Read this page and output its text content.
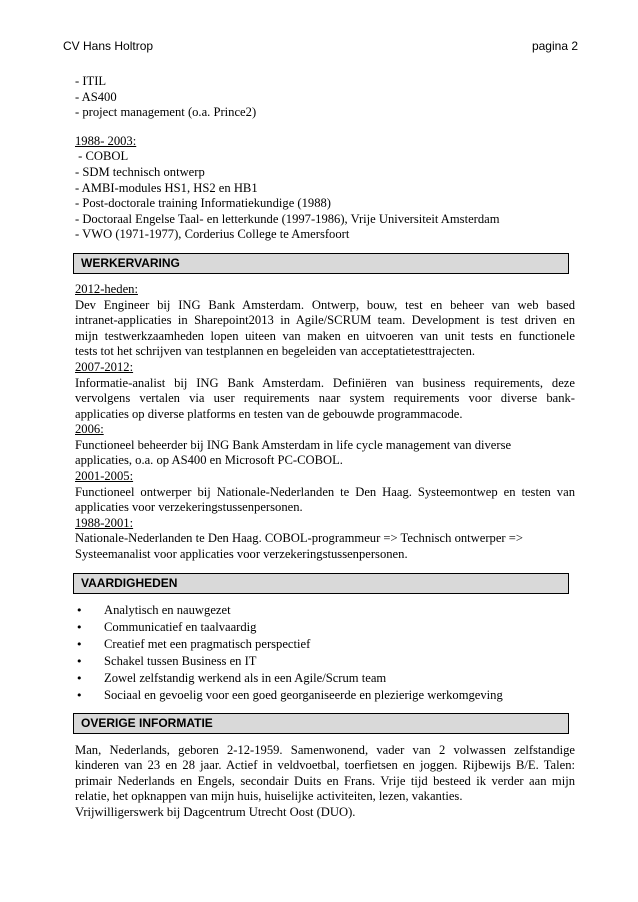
CV Hans Holtrop	pagina 2
- ITIL
- AS400
- project management (o.a. Prince2)
1988- 2003:
- COBOL
- SDM technisch ontwerp
- AMBI-modules HS1, HS2 en HB1
- Post-doctorale training Informatiekundige (1988)
- Doctoraal Engelse Taal- en letterkunde (1997-1986), Vrije Universiteit Amsterdam
- VWO (1971-1977), Corderius College te Amersfoort
WERKERVARING
2012-heden:
Dev Engineer bij ING Bank Amsterdam. Ontwerp, bouw, test en beheer van web based
intranet-applicaties in Sharepoint2013 in Agile/SCRUM team. Development is test driven en
mijn testwerkzaamheden lopen uiteen van maken en uitvoeren van unit tests en functionele
tests tot het schrijven van testplannen en begeleiden van acceptatietesttrajecten.
2007-2012:
Informatie-analist bij ING Bank Amsterdam. Definiëren van business requirements, deze
vervolgens vertalen via user requirements naar system requirements voor diverse bank-
applicaties op diverse platforms en testen van de gebouwde programmacode.
2006:
Functioneel beheerder bij ING Bank Amsterdam in life cycle management van diverse
applicaties, o.a. op AS400 en Microsoft PC-COBOL.
2001-2005:
Functioneel ontwerper bij Nationale-Nederlanden te Den Haag. Systeemontwep en testen van
applicaties voor verzekeringstussenpersonen.
1988-2001:
Nationale-Nederlanden te Den Haag. COBOL-programmeur => Technisch ontwerper =>
Systeemanalist voor applicaties voor verzekeringstussenpersonen.
VAARDIGHEDEN
• Analytisch en nauwgezet
• Communicatief en taalvaardig
• Creatief met een pragmatisch perspectief
• Schakel tussen Business en IT
• Zowel zelfstandig werkend als in een Agile/Scrum team
• Sociaal en gevoelig voor een goed georganiseerde en plezierige werkomgeving
OVERIGE INFORMATIE
Man, Nederlands, geboren 2-12-1959. Samenwonend, vader van 2 volwassen zelfstandige
kinderen van 23 en 28 jaar. Actief in veldvoetbal, toerfietsen en joggen. Rijbewijs B/E. Talen:
primair Nederlands en Engels, secondair Duits en Frans. Vrije tijd besteed ik verder aan mijn
relatie, het opknappen van mijn huis, huiselijke activiteiten, lezen, vakanties.
Vrijwilligerswerk bij Dagcentrum Utrecht Oost (DUO).
